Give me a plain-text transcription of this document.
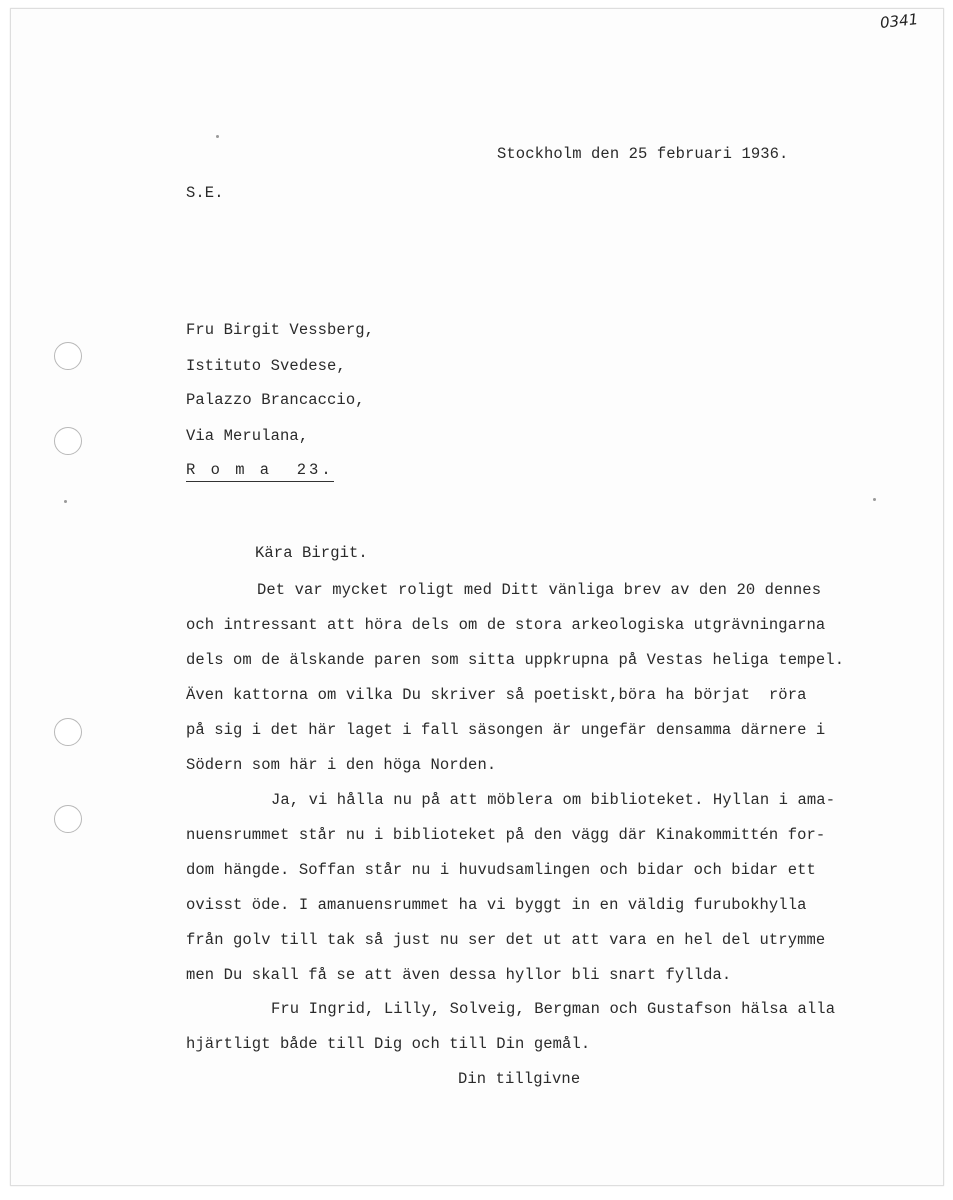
0341

Stockholm den 25 februari 1936.

S.E.

Fru Birgit Vessberg,

Istituto Svedese,

Palazzo Brancaccio,

Via Merulana,

R o m a  23.

Kära Birgit.

Det var mycket roligt med Ditt vänliga brev av den 20 dennes

och intressant att höra dels om de stora arkeologiska utgrävningarna

dels om de älskande paren som sitta uppkrupna på Vestas heliga tempel.

Även kattorna om vilka Du skriver så poetiskt,böra ha börjat  röra

på sig i det här laget i fall säsongen är ungefär densamma därnere i

Södern som här i den höga Norden.

Ja, vi hålla nu på att möblera om biblioteket. Hyllan i ama-

nuensrummet står nu i biblioteket på den vägg där Kinakommittén for-

dom hängde. Soffan står nu i huvudsamlingen och bidar och bidar ett

ovisst öde. I amanuensrummet ha vi byggt in en väldig furubokhylla

från golv till tak så just nu ser det ut att vara en hel del utrymme

men Du skall få se att även dessa hyllor bli snart fyllda.

Fru Ingrid, Lilly, Solveig, Bergman och Gustafson hälsa alla

hjärtligt både till Dig och till Din gemål.

Din tillgivne
